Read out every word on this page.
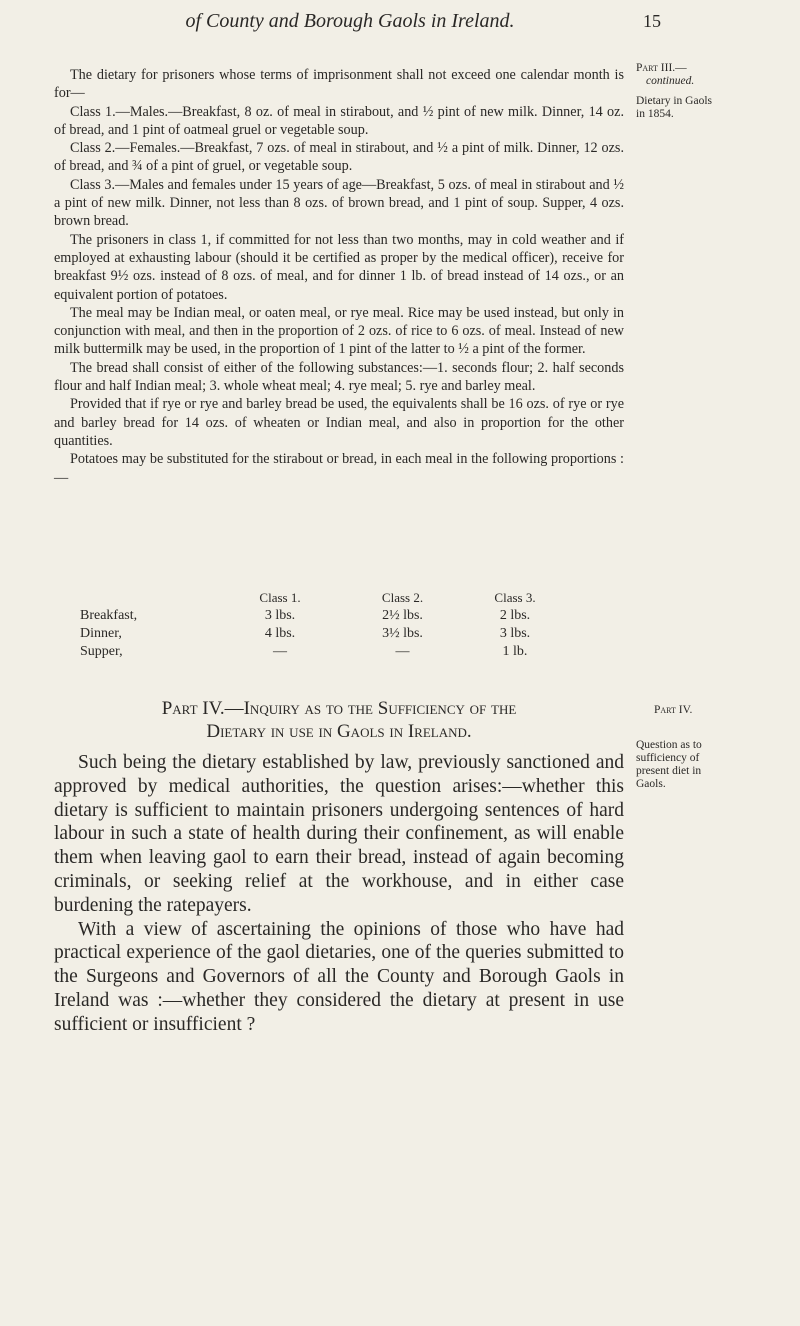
of County and Borough Gaols in Ireland.	15
Part III.—
continued.
Dietary in Gaols
in 1854.

The dietary for prisoners whose terms of imprisonment shall not exceed one calendar month is for—

Class 1.—Males.—Breakfast, 8 oz. of meal in stirabout, and ½ pint of new milk. Dinner, 14 oz. of bread, and 1 pint of oatmeal gruel or vegetable soup.

Class 2.—Females.—Breakfast, 7 ozs. of meal in stirabout, and ½ a pint of milk. Dinner, 12 ozs. of bread, and ¾ of a pint of gruel, or vegetable soup.

Class 3.—Males and females under 15 years of age—Breakfast, 5 ozs. of meal in stirabout and ½ a pint of new milk. Dinner, not less than 8 ozs. of brown bread, and 1 pint of soup. Supper, 4 ozs. brown bread.

The prisoners in class 1, if committed for not less than two months, may in cold weather and if employed at exhausting labour (should it be certified as proper by the medical officer), receive for breakfast 9½ ozs. instead of 8 ozs. of meal, and for dinner 1 lb. of bread instead of 14 ozs., or an equivalent portion of potatoes.

The meal may be Indian meal, or oaten meal, or rye meal. Rice may be used instead, but only in conjunction with meal, and then in the proportion of 2 ozs. of rice to 6 ozs. of meal. Instead of new milk buttermilk may be used, in the proportion of 1 pint of the latter to ½ a pint of the former.

The bread shall consist of either of the following substances:—1. seconds flour; 2. half seconds flour and half Indian meal; 3. whole wheat meal; 4. rye meal; 5. rye and barley meal.

Provided that if rye or rye and barley bread be used, the equivalents shall be 16 ozs. of rye or rye and barley bread for 14 ozs. of wheaten or Indian meal, and also in proportion for the other quantities.

Potatoes may be substituted for the stirabout or bread, in each meal in the following proportions :—

	Class 1.	Class 2.	Class 3.
Breakfast,	3 lbs.	2½ lbs.	2 lbs.
Dinner,	4 lbs.	3½ lbs.	3 lbs.
Supper,	—	—	1 lb.
Part IV.
Question as to
sufficiency of
present diet in
Gaols.
Part IV.—Inquiry as to the Sufficiency of the
Dietary in use in Gaols in Ireland.

Such being the dietary established by law, previously sanctioned and approved by medical authorities, the question arises:—whether this dietary is sufficient to maintain prisoners undergoing sentences of hard labour in such a state of health during their confinement, as will enable them when leaving gaol to earn their bread, instead of again becoming criminals, or seeking relief at the workhouse, and in either case burdening the ratepayers.

With a view of ascertaining the opinions of those who have had practical experience of the gaol dietaries, one of the queries submitted to the Surgeons and Governors of all the County and Borough Gaols in Ireland was :—whether they considered the dietary at present in use sufficient or insufficient ?
